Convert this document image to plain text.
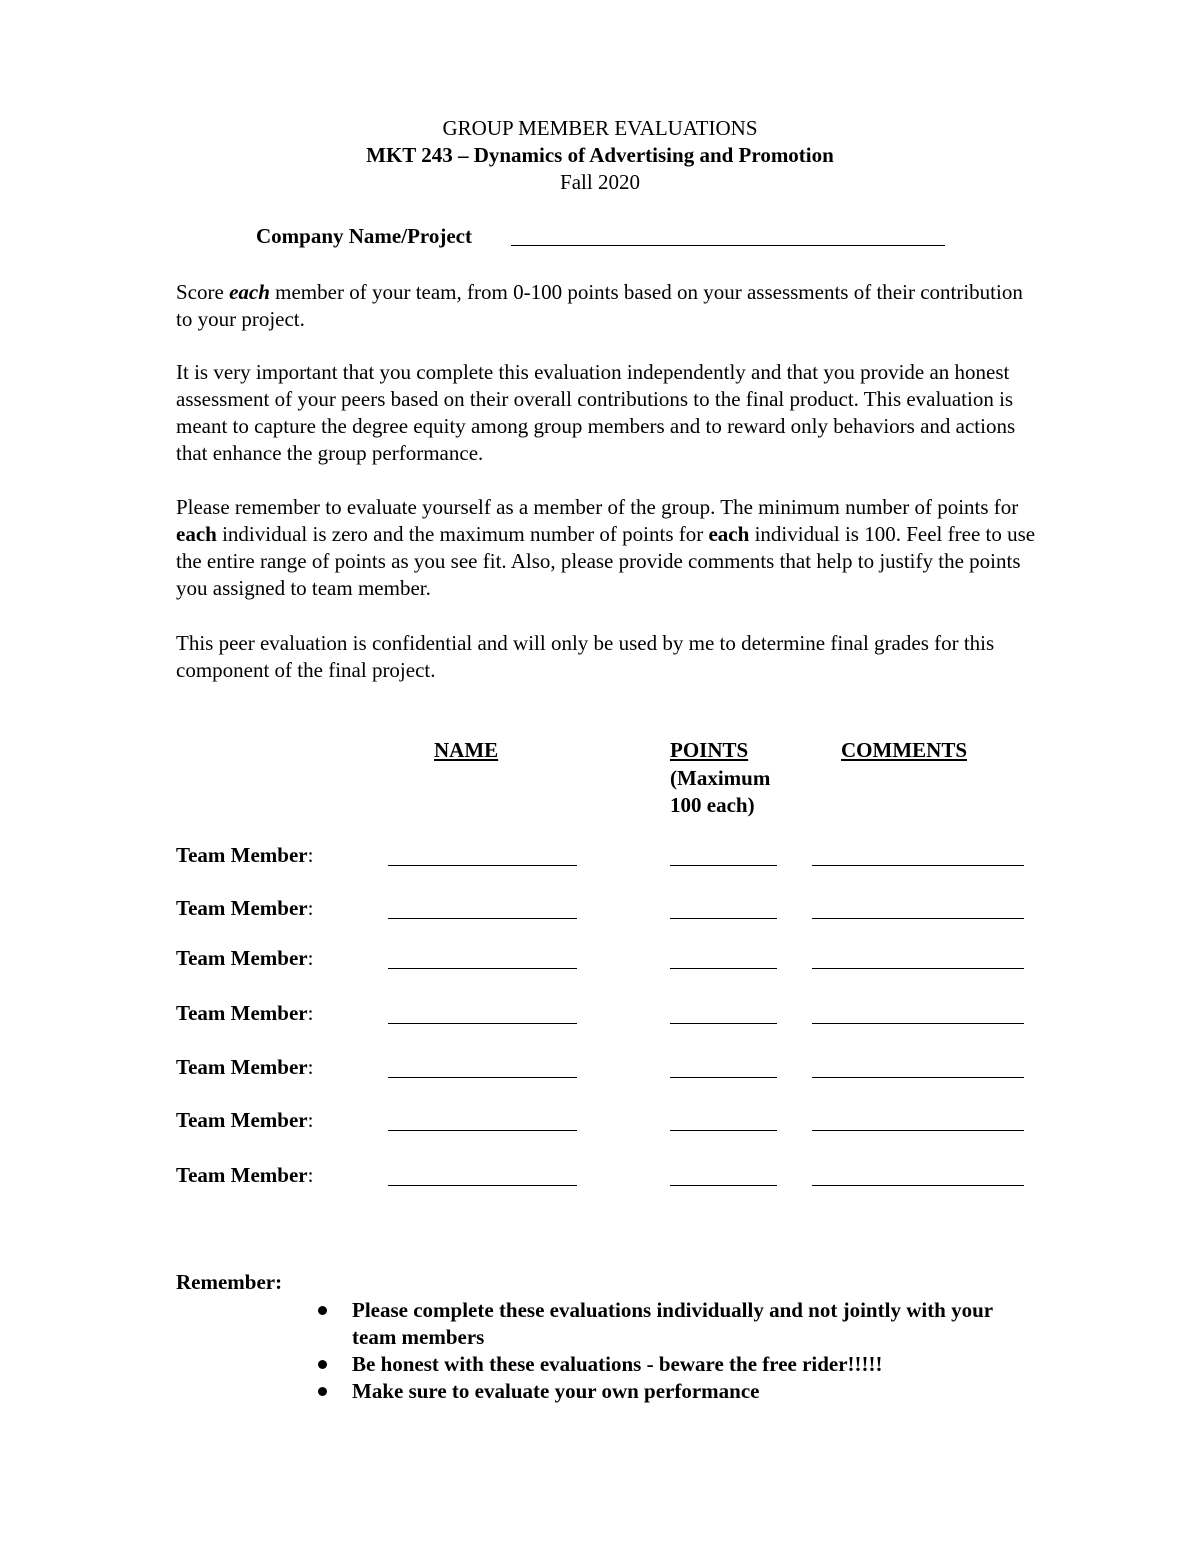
GROUP MEMBER EVALUATIONS
MKT 243 – Dynamics of Advertising and Promotion
Fall 2020
Company Name/Project
Score each member of your team, from 0-100 points based on your assessments of their contribution to your project.
It is very important that you complete this evaluation independently and that you provide an honest assessment of your peers based on their overall contributions to the final product. This evaluation is meant to capture the degree equity among group members and to reward only behaviors and actions that enhance the group performance.
Please remember to evaluate yourself as a member of the group. The minimum number of points for each individual is zero and the maximum number of points for each individual is 100. Feel free to use the entire range of points as you see fit. Also, please provide comments that help to justify the points you assigned to team member.
This peer evaluation is confidential and will only be used by me to determine final grades for this component of the final project.
NAME	POINTS
(Maximum
100 each)
COMMENTS
Team Member:
Team Member:
Team Member:
Team Member:
Team Member:
Team Member:
Team Member:
Remember:
Please complete these evaluations individually and not jointly with your team members
Be honest with these evaluations - beware the free rider!!!!!
Make sure to evaluate your own performance
